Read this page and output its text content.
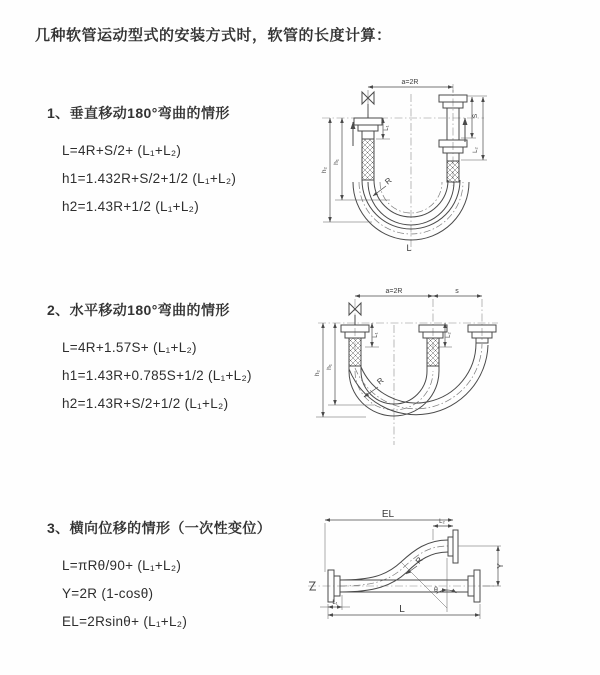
几种软管运动型式的安装方式时，软管的长度计算：
1、垂直移动180°弯曲的情形
L=4R+S/2+ (L₁+L₂)
h1=1.432R+S/2+1/2 (L₁+L₂)
h2=1.43R+1/2 (L₁+L₂)
2、水平移动180°弯曲的情形
L=4R+1.57S+ (L₁+L₂)
h1=1.43R+0.785S+1/2 (L₁+L₂)
h2=1.43R+S/2+1/2 (L₁+L₂)
3、横向位移的情形（一次性变位）
L=πRθ/90+ (L₁+L₂)
Y=2R (1-cosθ)
EL=2Rsinθ+ (L₁+L₂)
a=2R
L₁
S
L₂
h₁
h₂
R
L
a=2R	s
L₁	L₂
h₁
h₂
R
EL
L₂
Y
R
θ
L
L₁
